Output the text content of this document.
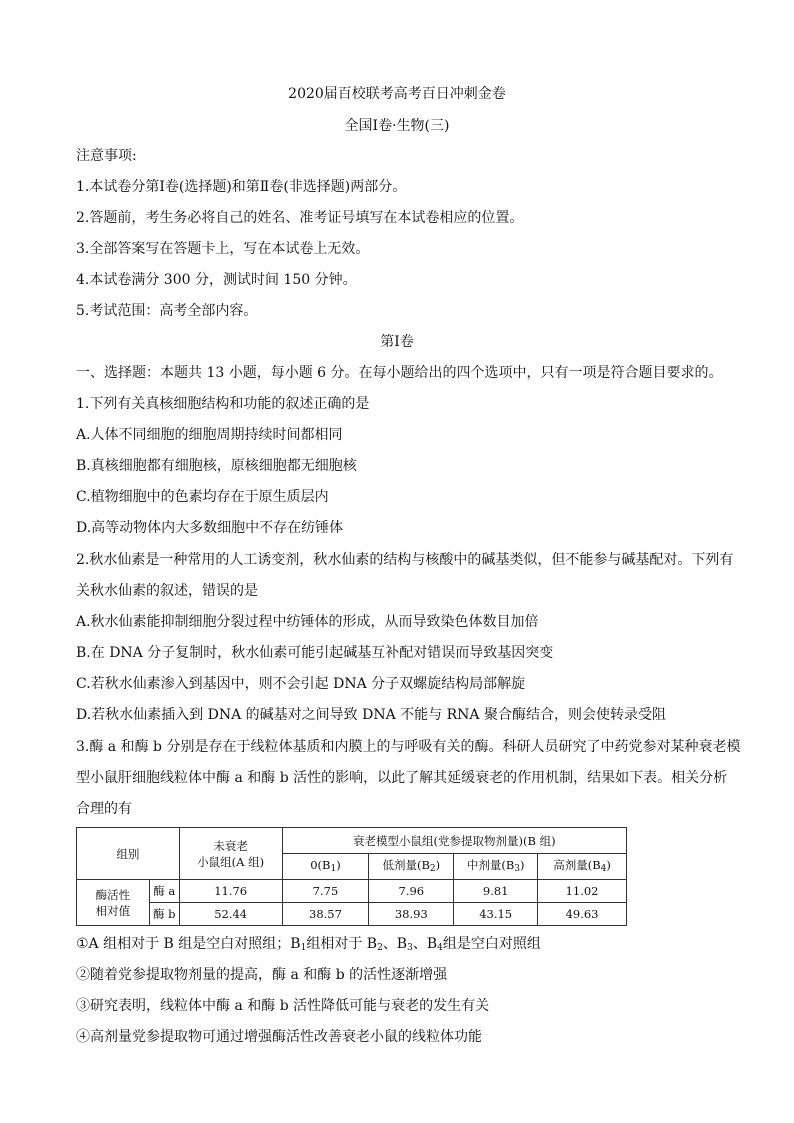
2020届百校联考高考百日冲刺金卷
全国Ⅰ卷·生物(三)
注意事项:
1.本试卷分第Ⅰ卷(选择题)和第Ⅱ卷(非选择题)两部分。
2.答题前，考生务必将自己的姓名、准考证号填写在本试卷相应的位置。
3.全部答案写在答题卡上，写在本试卷上无效。
4.本试卷满分 300 分，测试时间 150 分钟。
5.考试范围：高考全部内容。
第Ⅰ卷
一、选择题：本题共 13 小题，每小题 6 分。在每小题给出的四个选项中，只有一项是符合题目要求的。
1.下列有关真核细胞结构和功能的叙述正确的是
A.人体不同细胞的细胞周期持续时间都相同
B.真核细胞都有细胞核，原核细胞都无细胞核
C.植物细胞中的色素均存在于原生质层内
D.高等动物体内大多数细胞中不存在纺锤体
2.秋水仙素是一种常用的人工诱变剂，秋水仙素的结构与核酸中的碱基类似，但不能参与碱基配对。下列有
关秋水仙素的叙述，错误的是
A.秋水仙素能抑制细胞分裂过程中纺锤体的形成，从而导致染色体数目加倍
B.在 DNA 分子复制时，秋水仙素可能引起碱基互补配对错误而导致基因突变
C.若秋水仙素渗入到基因中，则不会引起 DNA 分子双螺旋结构局部解旋
D.若秋水仙素插入到 DNA 的碱基对之间导致 DNA 不能与 RNA 聚合酶结合，则会使转录受阻
3.酶 a 和酶 b 分别是存在于线粒体基质和内膜上的与呼吸有关的酶。科研人员研究了中药党参对某种衰老模
型小鼠肝细胞线粒体中酶 a 和酶 b 活性的影响，以此了解其延缓衰老的作用机制，结果如下表。相关分析
合理的有
组别		未衰老
小鼠组(A 组)	衰老模型小鼠组(党参提取物剂量)(B 组)			
			$0(B_1)$	低剂量$(B_2)$	中剂量$(B_3)$	高剂量$(B_4)$
酶活性
相对值	酶 a	11.76	7.75	7.96	9.81	11.02
	酶 b	52.44	38.57	38.93	43.15	49.63
①A 组相对于 B 组是空白对照组；$B_1$组相对于 $B_2$、$B_3$、$B_4$组是空白对照组
②随着党参提取物剂量的提高，酶 a 和酶 b 的活性逐渐增强
③研究表明，线粒体中酶 a 和酶 b 活性降低可能与衰老的发生有关
④高剂量党参提取物可通过增强酶活性改善衰老小鼠的线粒体功能
